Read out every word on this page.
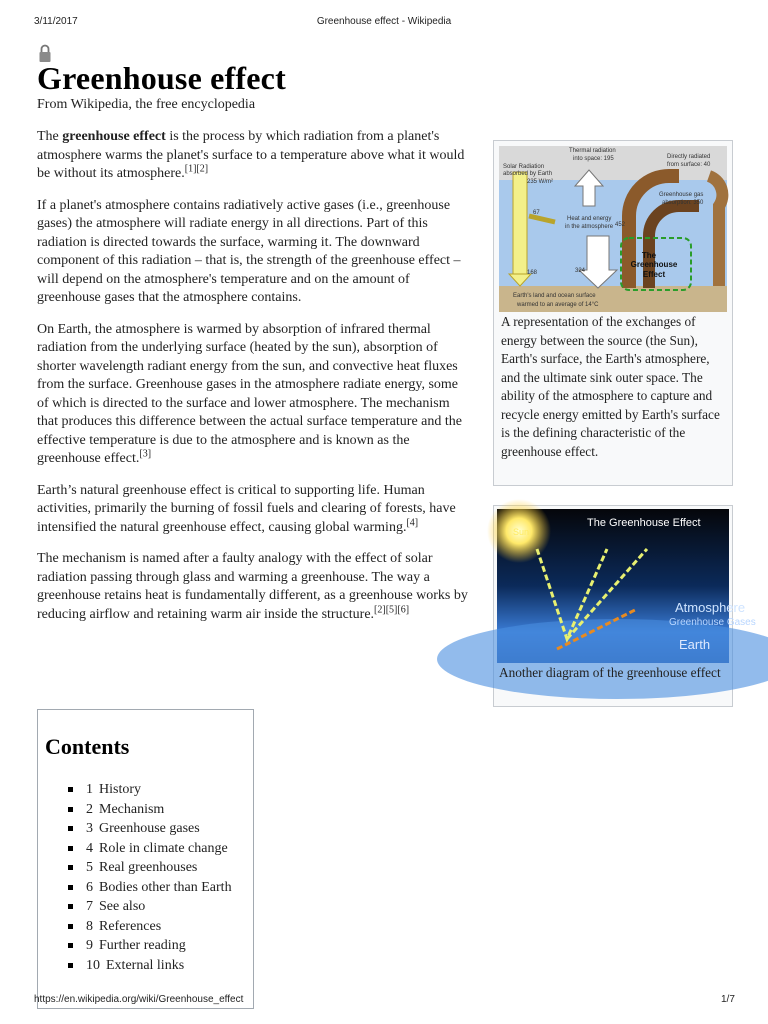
3/11/2017	Greenhouse effect - Wikipedia
Greenhouse effect
From Wikipedia, the free encyclopedia

The greenhouse effect is the process by which radiation from a planet's atmosphere warms the planet's surface to a temperature above what it would be without its atmosphere.[1][2]

If a planet's atmosphere contains radiatively active gases (i.e., greenhouse gases) the atmosphere will radiate energy in all directions. Part of this radiation is directed towards the surface, warming it. The downward component of this radiation – that is, the strength of the greenhouse effect – will depend on the atmosphere's temperature and on the amount of greenhouse gases that the atmosphere contains.

On Earth, the atmosphere is warmed by absorption of infrared thermal radiation from the underlying surface (heated by the sun), absorption of shorter wavelength radiant energy from the sun, and convective heat fluxes from the surface. Greenhouse gases in the atmosphere radiate energy, some of which is directed to the surface and lower atmosphere. The mechanism that produces this difference between the actual surface temperature and the effective temperature is due to the atmosphere and is known as the greenhouse effect.[3]

Earth’s natural greenhouse effect is critical to supporting life. Human activities, primarily the burning of fossil fuels and clearing of forests, have intensified the natural greenhouse effect, causing global warming.[4]

The mechanism is named after a faulty analogy with the effect of solar radiation passing through glass and warming a greenhouse. The way a greenhouse retains heat is fundamentally different, as a greenhouse works by reducing airflow and retaining warm air inside the structure.[2][5][6]

Thermal radiation
into space: 195	Directly radiated
from surface: 40
Solar Radiation
absorbed by Earth
235 W/m²
Greenhouse gas
absorption: 350
Heat and energy
in the atmosphere
67
452
168	324
The
Greenhouse
Effect
Earth's land and ocean surface
warmed to an average of 14°C
A representation of the exchanges of energy between the source (the Sun), Earth's surface, the Earth's atmosphere, and the ultimate sink outer space. The ability of the atmosphere to capture and recycle energy emitted by Earth's surface is the defining characteristic of the greenhouse effect.
The Greenhouse Effect
Sun
Atmosphere
Greenhouse Gases
Earth
Another diagram of the greenhouse effect
Contents
1 History
2 Mechanism
3 Greenhouse gases
4 Role in climate change
5 Real greenhouses
6 Bodies other than Earth
7 See also
8 References
9 Further reading
10 External links
https://en.wikipedia.org/wiki/Greenhouse_effect	1/7
